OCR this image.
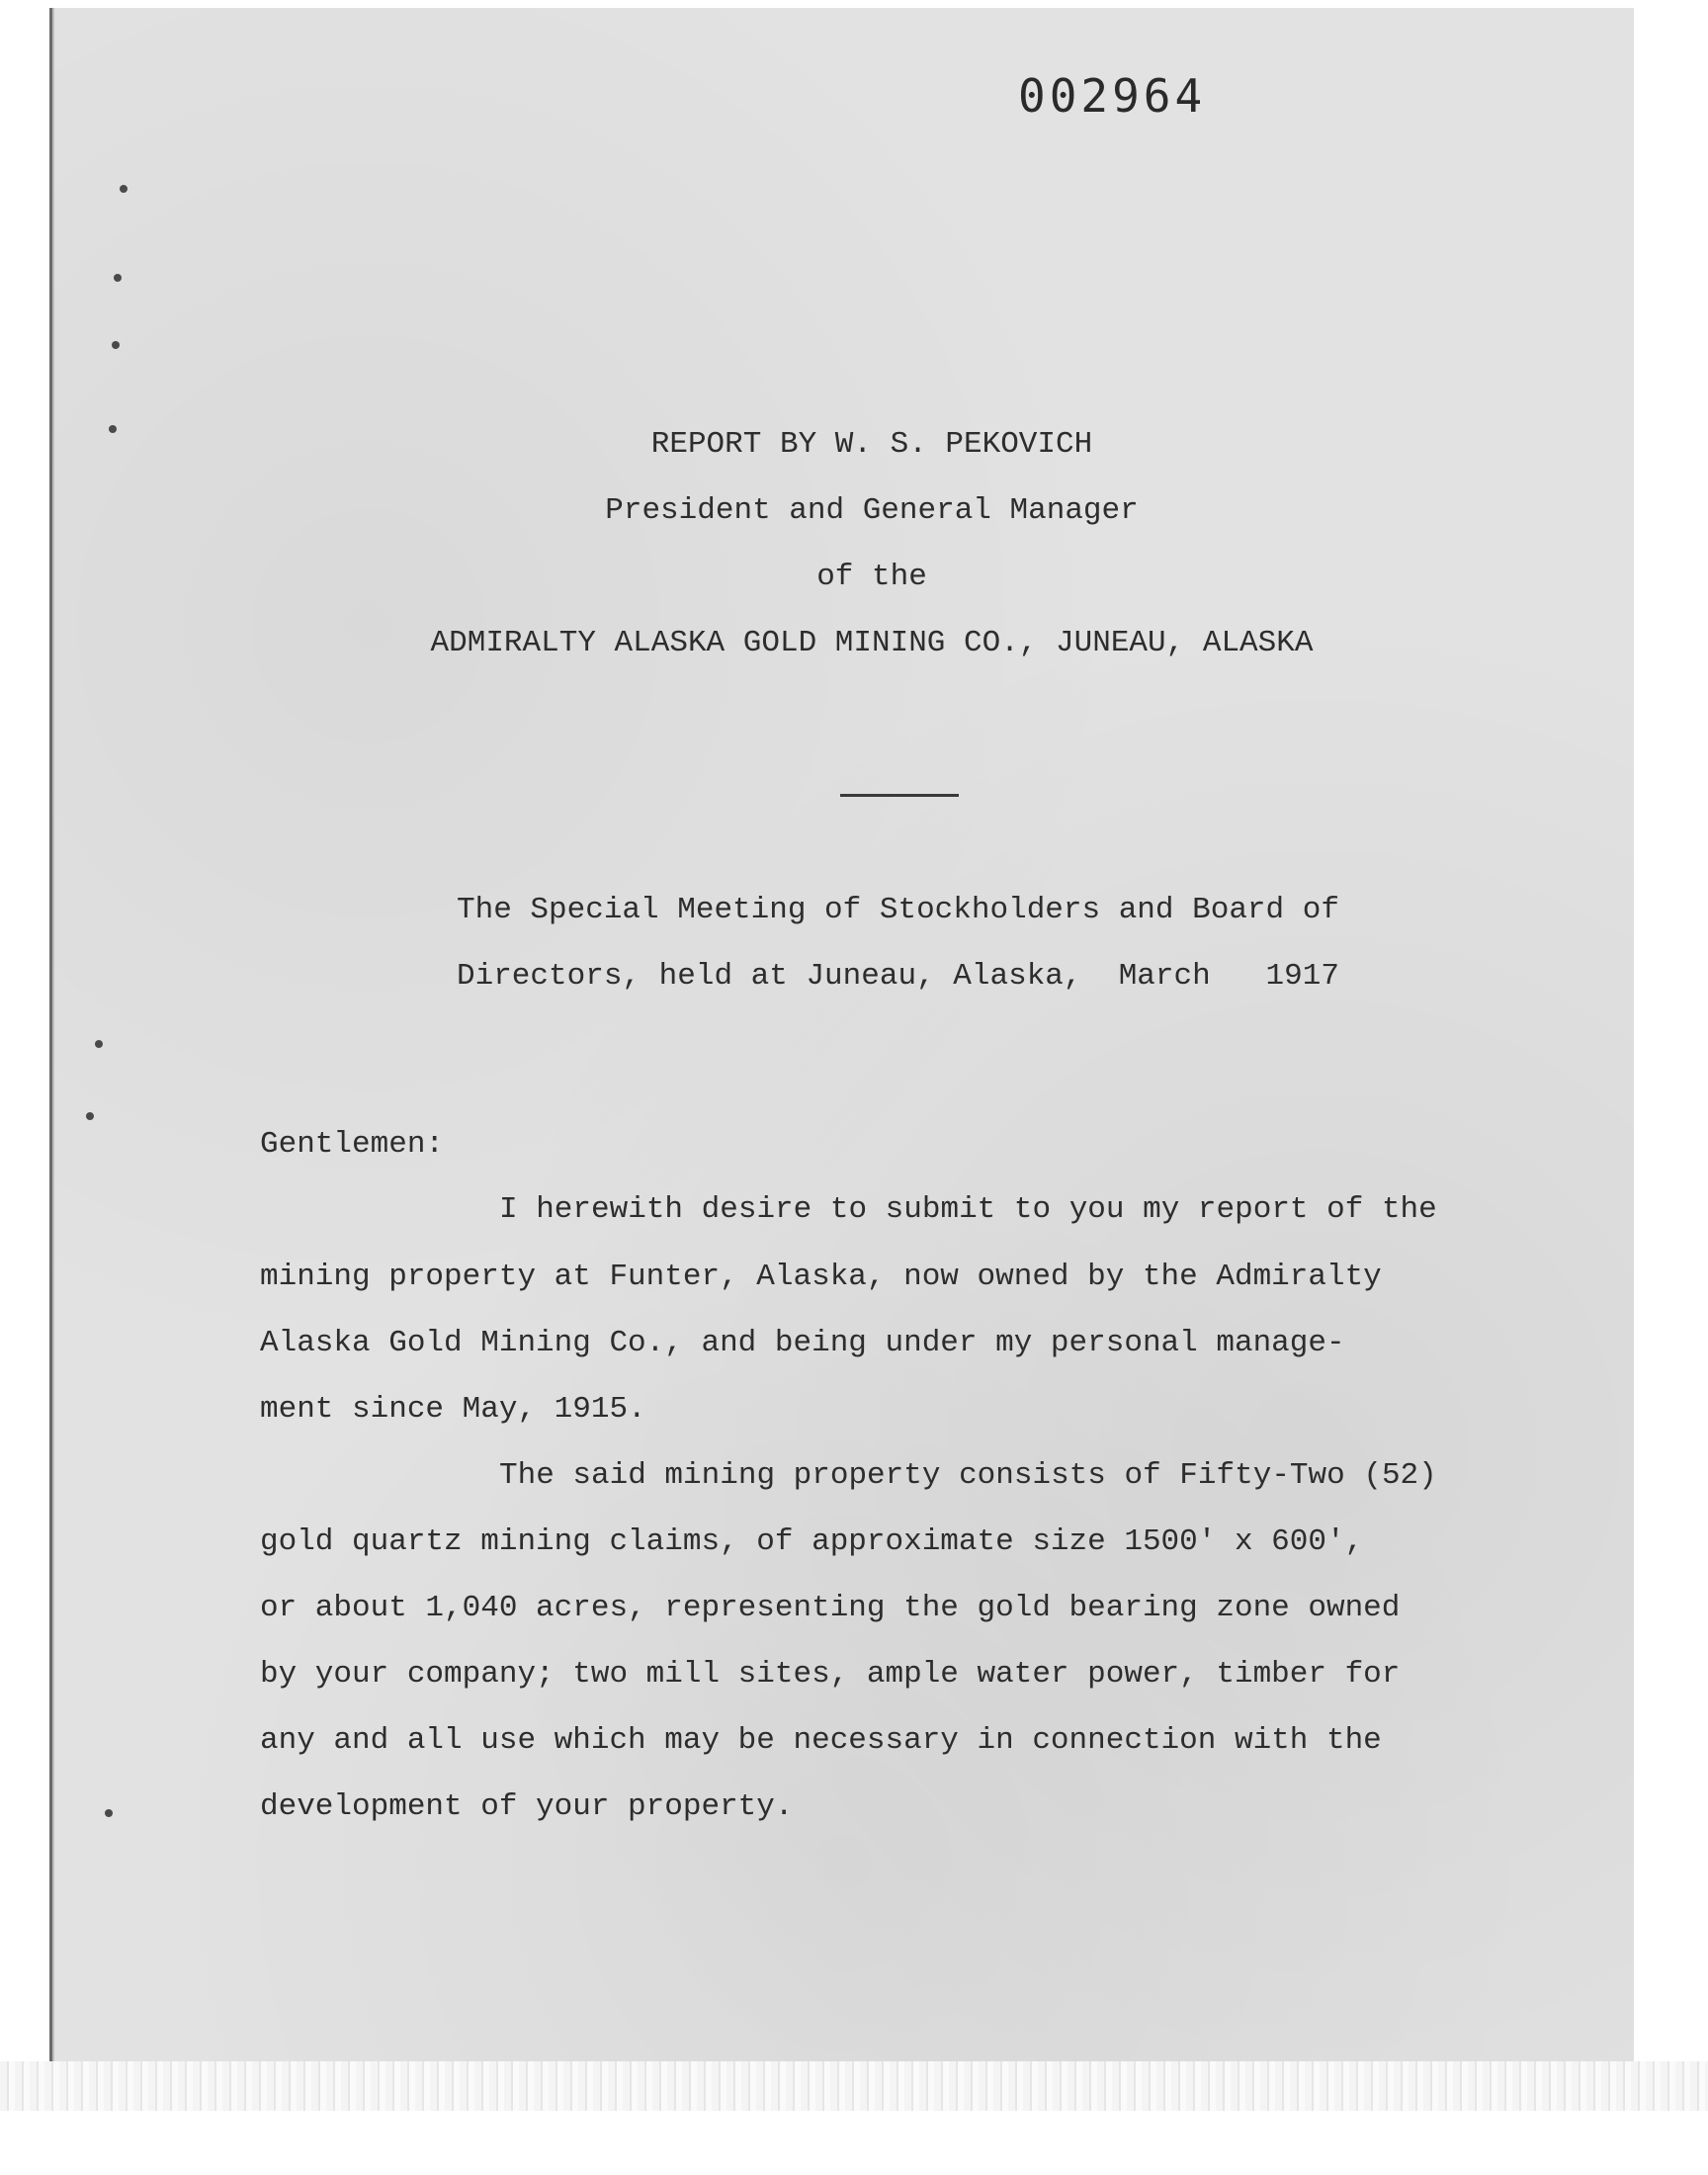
002964
REPORT BY W. S. PEKOVICH
President and General Manager
of the
ADMIRALTY ALASKA GOLD MINING CO., JUNEAU, ALASKA
The Special Meeting of Stockholders and Board of
Directors, held at Juneau, Alaska,  March   1917
Gentlemen:
I herewith desire to submit to you my report of the
mining property at Funter, Alaska, now owned by the Admiralty
Alaska Gold Mining Co., and being under my personal manage-
ment since May, 1915.
The said mining property consists of Fifty-Two (52)
gold quartz mining claims, of approximate size 1500' x 600',
or about 1,040 acres, representing the gold bearing zone owned
by your company; two mill sites, ample water power, timber for
any and all use which may be necessary in connection with the
development of your property.
